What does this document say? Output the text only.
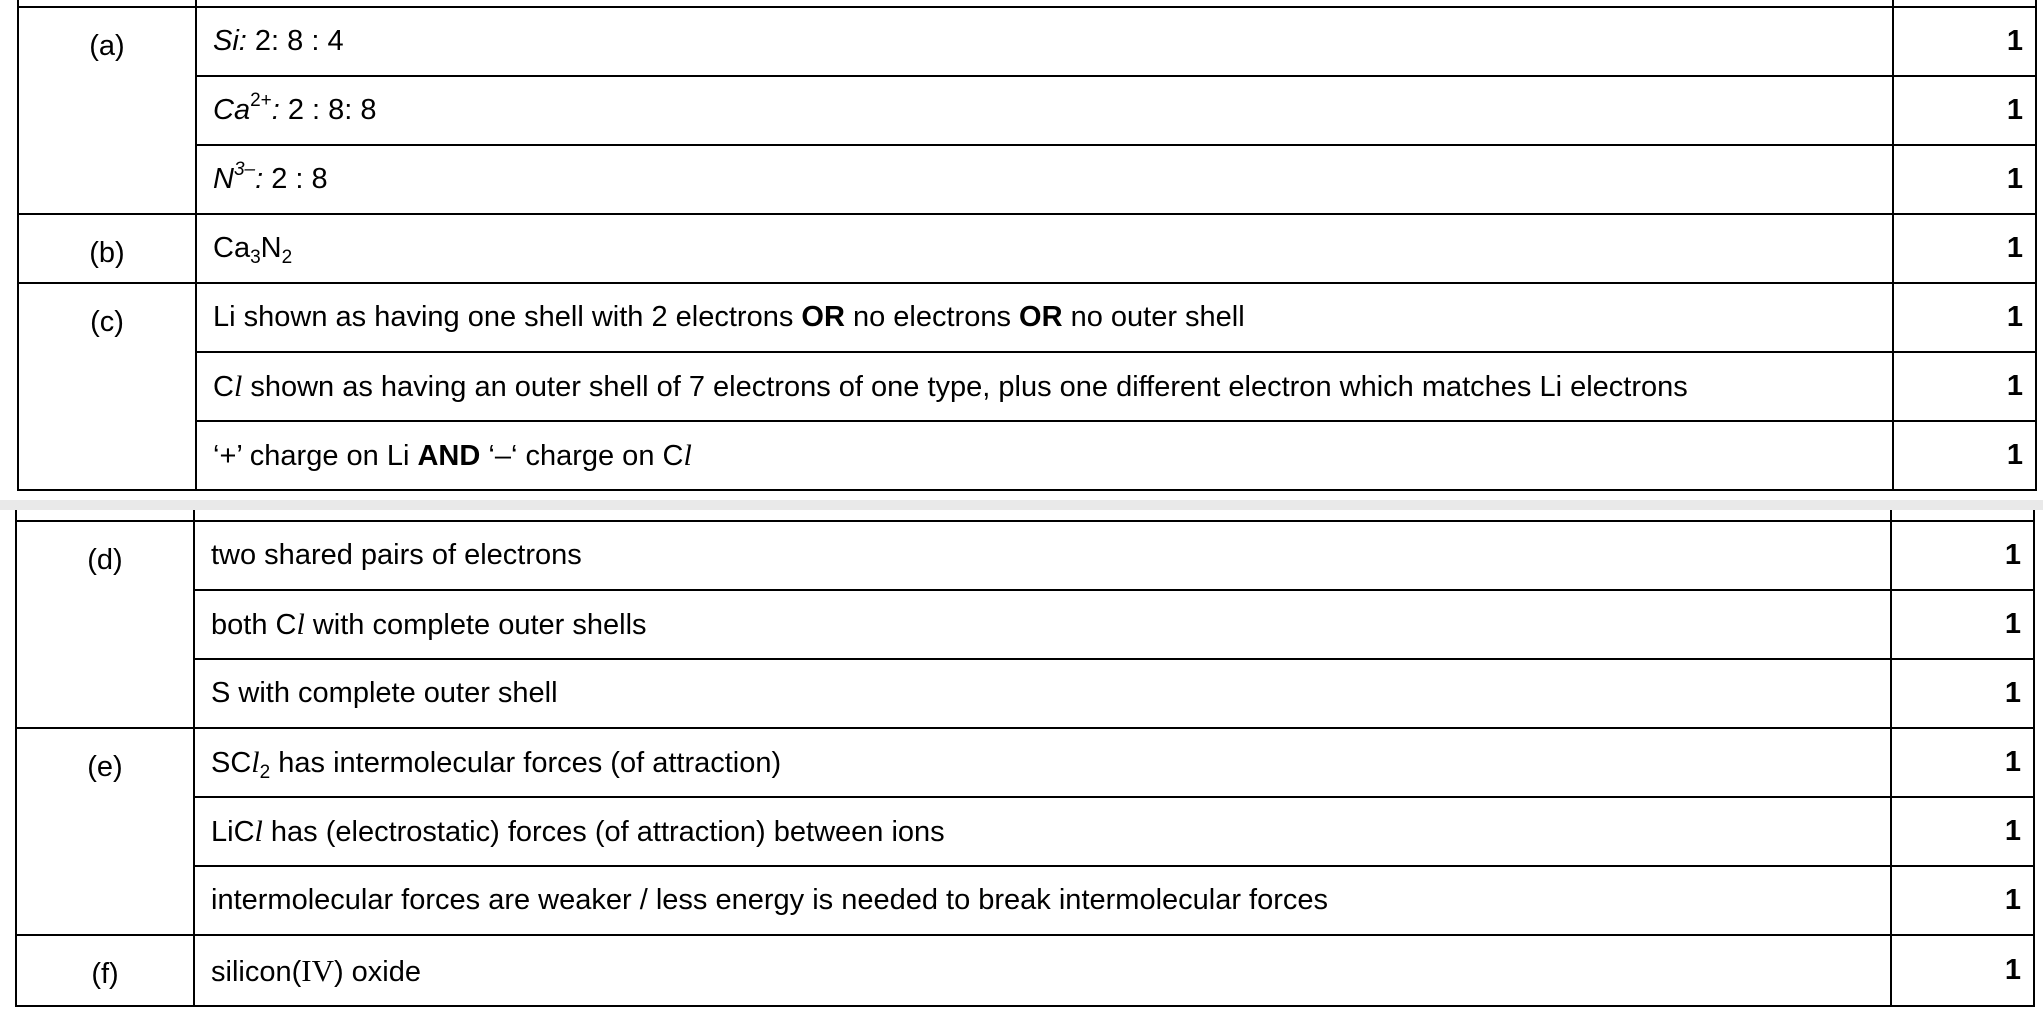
(a)	Si: 2: 8 : 4	1
	$Ca^{2+}$: 2 : 8: 8	1
	$N^{3-}$: 2 : 8	1
(b)	$Ca_3N_2$	1
(c)	Li shown as having one shell with 2 electrons OR no electrons OR no outer shell	1
	Cl shown as having an outer shell of 7 electrons of one type, plus one different electron which matches Li electrons	1
	‘+’ charge on Li AND ‘–‘ charge on Cl	1

(d)	two shared pairs of electrons	1
	both Cl with complete outer shells	1
	S with complete outer shell	1
(e)	SCl$_2$ has intermolecular forces (of attraction)	1
	LiCl has (electrostatic) forces (of attraction) between ions	1
	intermolecular forces are weaker / less energy is needed to break intermolecular forces	1
(f)	silicon(IV) oxide	1
